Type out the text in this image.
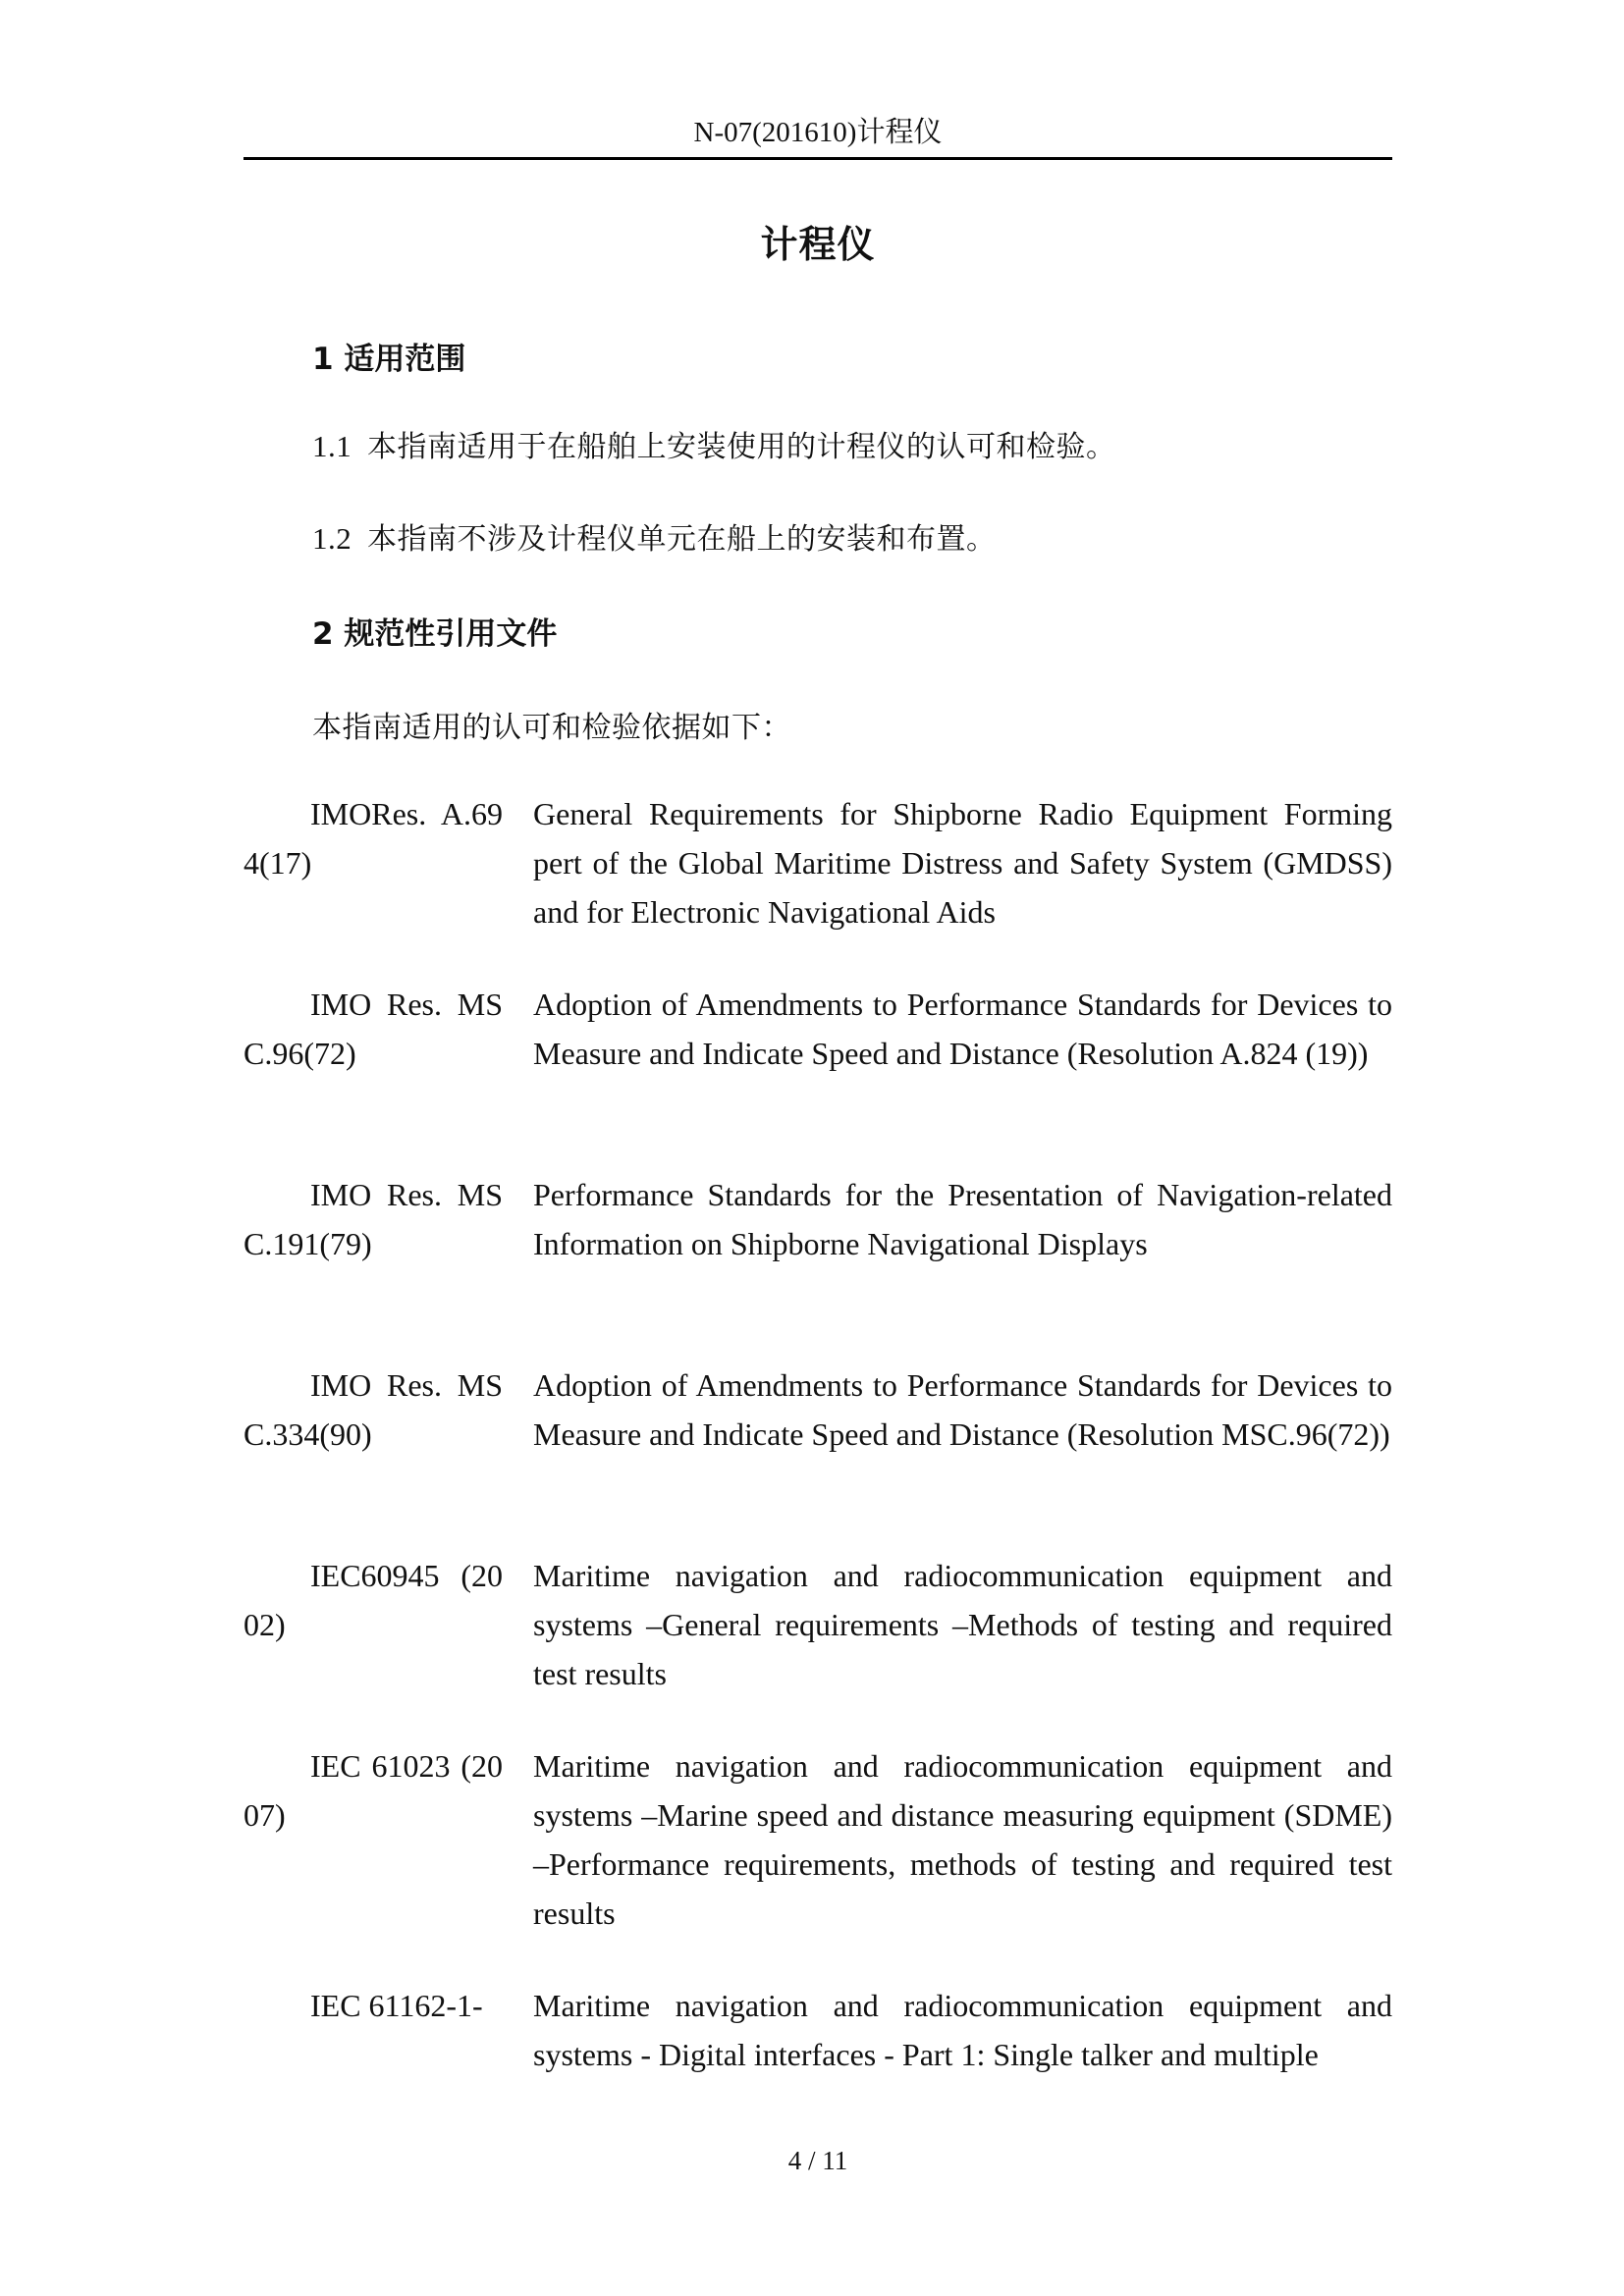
N-07(201610)计程仪
计程仪
1 适用范围
1.1 本指南适用于在船舶上安装使用的计程仪的认可和检验。
1.2 本指南不涉及计程仪单元在船上的安装和布置。
2 规范性引用文件
本指南适用的认可和检验依据如下：
IMORes. A.694(17)
General Requirements for Shipborne Radio Equipment Forming pert of the Global Maritime Distress and Safety System (GMDSS) and for Electronic Navigational Aids
IMO Res. MSC.96(72)
Adoption of Amendments to Performance Standards for Devices to Measure and Indicate Speed and Distance (Resolution A.824 (19))
IMO Res. MSC.191(79)
Performance Standards for the Presentation of Navigation-related Information on Shipborne Navigational Displays
IMO Res. MSC.334(90)
Adoption of Amendments to Performance Standards for Devices to Measure and Indicate Speed and Distance (Resolution MSC.96(72))
IEC60945 (2002)
Maritime navigation and radiocommunication equipment and systems –General requirements –Methods of testing and required test results
IEC 61023 (2007)
Maritime navigation and radiocommunication equipment and systems –Marine speed and distance measuring equipment (SDME) –Performance requirements, methods of testing and required test results
IEC 61162-1-	Maritime navigation and radiocommunication equipment and systems - Digital interfaces - Part 1: Single talker and multiple
4 / 11
